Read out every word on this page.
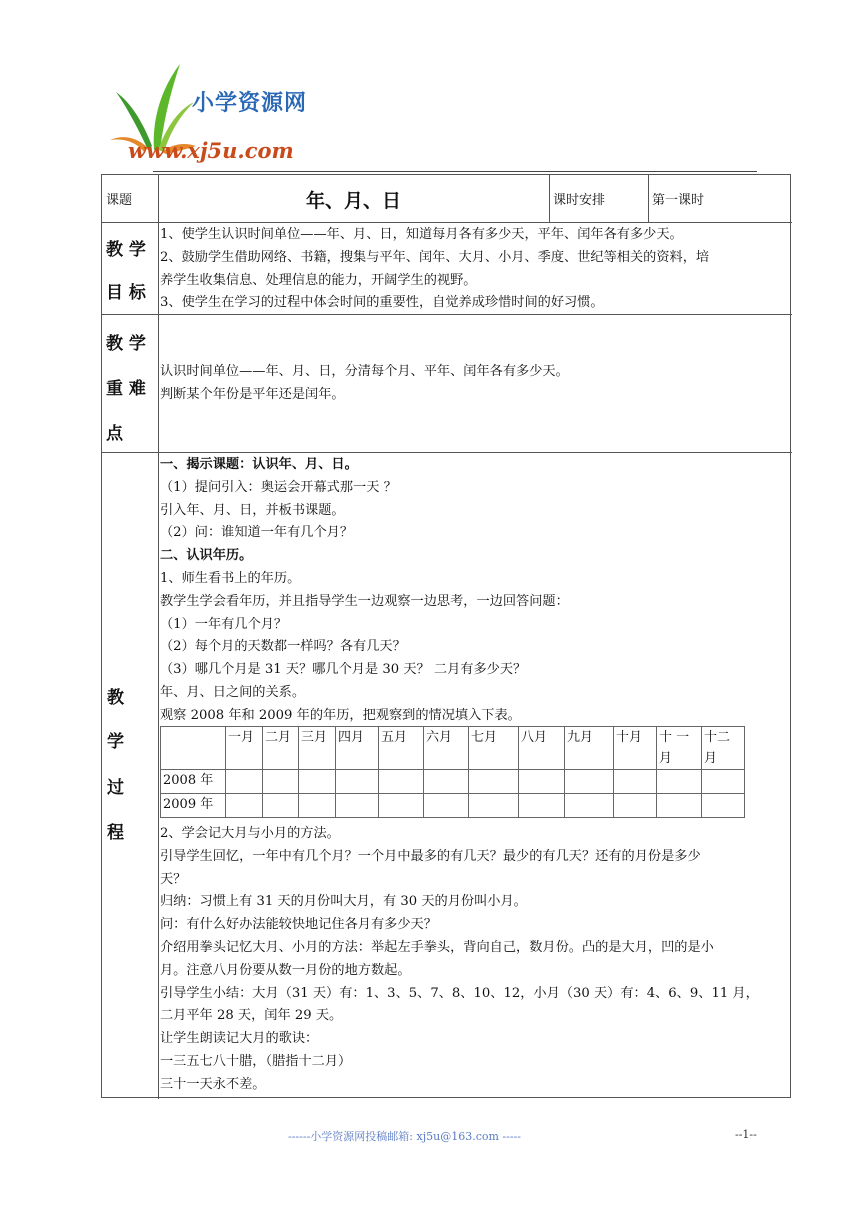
小学资源网
www.xj5u.com
课题	年、月、日	课时安排	第一课时
教 学
目 标
1、使学生认识时间单位——年、月、日，知道每月各有多少天，平年、闰年各有多少天。
2、鼓励学生借助网络、书籍，搜集与平年、闰年、大月、小月、季度、世纪等相关的资料，培
养学生收集信息、处理信息的能力，开阔学生的视野。
3、使学生在学习的过程中体会时间的重要性，自觉养成珍惜时间的好习惯。
教 学
重 难
点
认识时间单位——年、月、日，分清每个月、平年、闰年各有多少天。
判断某个年份是平年还是闰年。
教
学
过
程
一、揭示课题：认识年、月、日。
（1）提问引入：奥运会开幕式那一天 ？
引入年、月、日，并板书课题。
（2）问：谁知道一年有几个月？
二、认识年历。
1、师生看书上的年历。
教学生学会看年历，并且指导学生一边观察一边思考，一边回答问题：
（1）一年有几个月？
（2）每个月的天数都一样吗？各有几天？
（3）哪几个月是 31 天？哪几个月是 30 天？ 二月有多少天？
年、月、日之间的关系。
观察 2008 年和 2009 年的年历，把观察到的情况填入下表。
	一月	二月	三月	四月	五月	六月	七月	八月	九月	十月	十 一月	十二月
2008 年												
2009 年												
2、学会记大月与小月的方法。
引导学生回忆，一年中有几个月？一个月中最多的有几天？最少的有几天？还有的月份是多少
天？
归纳：习惯上有 31 天的月份叫大月，有 30 天的月份叫小月。
问：有什么好办法能较快地记住各月有多少天？
介绍用拳头记忆大月、小月的方法：举起左手拳头，背向自己，数月份。凸的是大月，凹的是小
月。注意八月份要从数一月份的地方数起。
引导学生小结：大月（31 天）有：1、3、5、7、8、10、12，小月（30 天）有：4、6、9、11 月，
二月平年 28 天，闰年 29 天。
让学生朗读记大月的歌诀：
一三五七八十腊，（腊指十二月）
三十一天永不差。
------小学资源网投稿邮箱: xj5u@163.com -----	--1--
